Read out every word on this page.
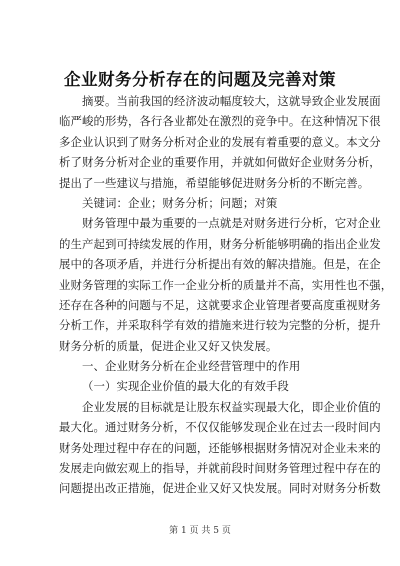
企业财务分析存在的问题及完善对策
摘要。当前我国的经济波动幅度较大，这就导致企业发展面
临严峻的形势，各行各业都处在激烈的竞争中。在这种情况下很
多企业认识到了财务分析对企业的发展有着重要的意义。本文分
析了财务分析对企业的重要作用，并就如何做好企业财务分析，
提出了一些建议与措施，希望能够促进财务分析的不断完善。
关键词：企业；财务分析；问题；对策
财务管理中最为重要的一点就是对财务进行分析，它对企业
的生产起到可持续发展的作用，财务分析能够明确的指出企业发
展中的各项矛盾，并进行分析提出有效的解决措施。但是，在企
业财务管理的实际工作一企业分析的质量并不高，实用性也不强，
还存在各种的问题与不足，这就要求企业管理者要高度重视财务
分析工作，并采取科学有效的措施来进行较为完整的分析，提升
财务分析的质量，促进企业又好又快发展。
一、企业财务分析在企业经营管理中的作用
（一）实现企业价值的最大化的有效手段
企业发展的目标就是让股东权益实现最大化，即企业价值的
最大化。通过财务分析，不仅仅能够发现企业在过去一段时间内
财务处理过程中存在的问题，还能够根据财务情况对企业未来的
发展走向做宏观上的指导，并就前段时间财务管理过程中存在的
问题提出改正措施，促进企业又好又快发展。同时对财务分析数
第 1 页 共 5 页
